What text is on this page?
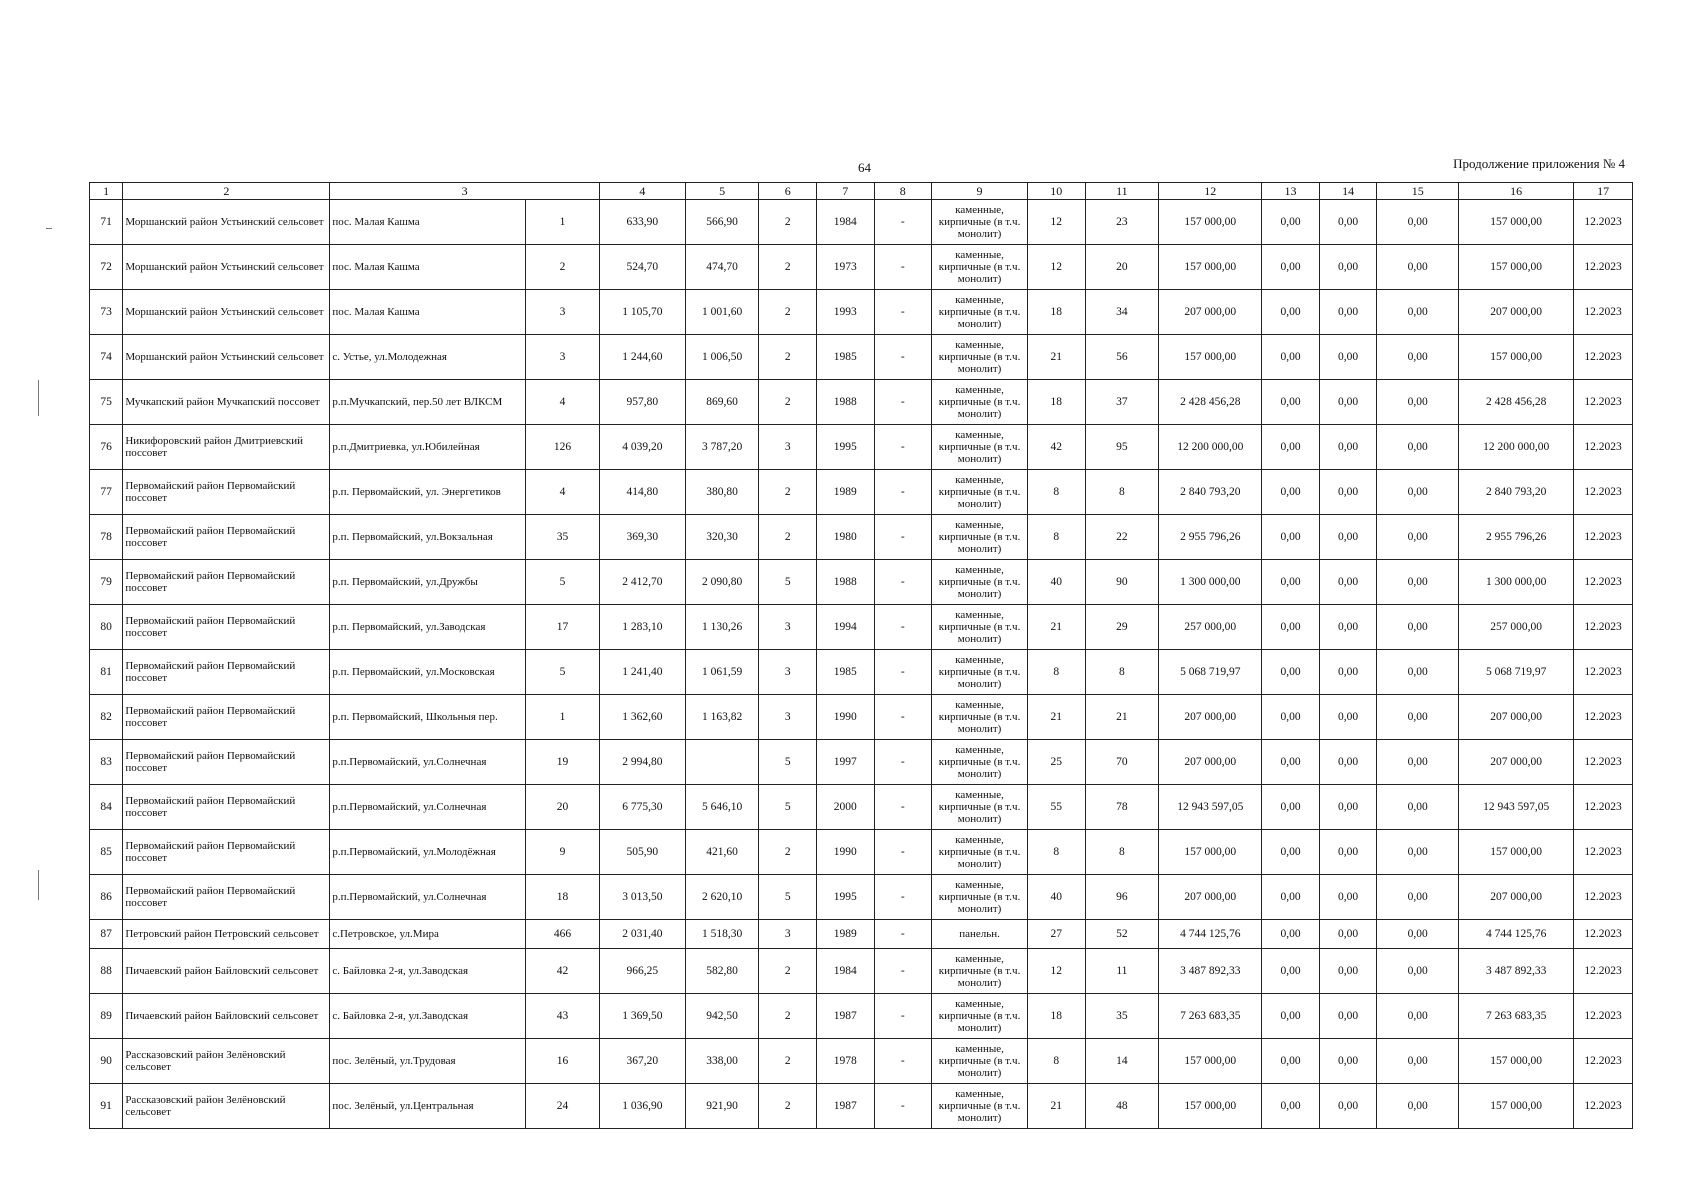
64	Продолжение приложения № 4
1	2	3		4	5	6	7	8	9	10	11	12	13	14	15	16	17
71	Моршанский район Устьинский сельсовет	пос. Малая Кашма	1	633,90	566,90	2	1984	-	каменные, кирпичные (в т.ч. монолит)	12	23	157 000,00	0,00	0,00	0,00	157 000,00	12.2023
72	Моршанский район Устьинский сельсовет	пос. Малая Кашма	2	524,70	474,70	2	1973	-	каменные, кирпичные (в т.ч. монолит)	12	20	157 000,00	0,00	0,00	0,00	157 000,00	12.2023
73	Моршанский район Устьинский сельсовет	пос. Малая Кашма	3	1 105,70	1 001,60	2	1993	-	каменные, кирпичные (в т.ч. монолит)	18	34	207 000,00	0,00	0,00	0,00	207 000,00	12.2023
74	Моршанский район Устьинский сельсовет	с. Устье, ул.Молодежная	3	1 244,60	1 006,50	2	1985	-	каменные, кирпичные (в т.ч. монолит)	21	56	157 000,00	0,00	0,00	0,00	157 000,00	12.2023
75	Мучкапский район Мучкапский поссовет	р.п.Мучкапский, пер.50 лет ВЛКСМ	4	957,80	869,60	2	1988	-	каменные, кирпичные (в т.ч. монолит)	18	37	2 428 456,28	0,00	0,00	0,00	2 428 456,28	12.2023
76	Никифоровский район Дмитриевский поссовет	р.п.Дмитриевка, ул.Юбилейная	126	4 039,20	3 787,20	3	1995	-	каменные, кирпичные (в т.ч. монолит)	42	95	12 200 000,00	0,00	0,00	0,00	12 200 000,00	12.2023
77	Первомайский район Первомайский поссовет	р.п. Первомайский, ул. Энергетиков	4	414,80	380,80	2	1989	-	каменные, кирпичные (в т.ч. монолит)	8	8	2 840 793,20	0,00	0,00	0,00	2 840 793,20	12.2023
78	Первомайский район Первомайский поссовет	р.п. Первомайский, ул.Вокзальная	35	369,30	320,30	2	1980	-	каменные, кирпичные (в т.ч. монолит)	8	22	2 955 796,26	0,00	0,00	0,00	2 955 796,26	12.2023
79	Первомайский район Первомайский поссовет	р.п. Первомайский, ул.Дружбы	5	2 412,70	2 090,80	5	1988	-	каменные, кирпичные (в т.ч. монолит)	40	90	1 300 000,00	0,00	0,00	0,00	1 300 000,00	12.2023
80	Первомайский район Первомайский поссовет	р.п. Первомайский, ул.Заводская	17	1 283,10	1 130,26	3	1994	-	каменные, кирпичные (в т.ч. монолит)	21	29	257 000,00	0,00	0,00	0,00	257 000,00	12.2023
81	Первомайский район Первомайский поссовет	р.п. Первомайский, ул.Московская	5	1 241,40	1 061,59	3	1985	-	каменные, кирпичные (в т.ч. монолит)	8	8	5 068 719,97	0,00	0,00	0,00	5 068 719,97	12.2023
82	Первомайский район Первомайский поссовет	р.п. Первомайский, Школьныя пер.	1	1 362,60	1 163,82	3	1990	-	каменные, кирпичные (в т.ч. монолит)	21	21	207 000,00	0,00	0,00	0,00	207 000,00	12.2023
83	Первомайский район Первомайский поссовет	р.п.Первомайский, ул.Солнечная	19	2 994,80		5	1997	-	каменные, кирпичные (в т.ч. монолит)	25	70	207 000,00	0,00	0,00	0,00	207 000,00	12.2023
84	Первомайский район Первомайский поссовет	р.п.Первомайский, ул.Солнечная	20	6 775,30	5 646,10	5	2000	-	каменные, кирпичные (в т.ч. монолит)	55	78	12 943 597,05	0,00	0,00	0,00	12 943 597,05	12.2023
85	Первомайский район Первомайский поссовет	р.п.Первомайский, ул.Молодёжная	9	505,90	421,60	2	1990	-	каменные, кирпичные (в т.ч. монолит)	8	8	157 000,00	0,00	0,00	0,00	157 000,00	12.2023
86	Первомайский район Первомайский поссовет	р.п.Первомайский, ул.Солнечная	18	3 013,50	2 620,10	5	1995	-	каменные, кирпичные (в т.ч. монолит)	40	96	207 000,00	0,00	0,00	0,00	207 000,00	12.2023
87	Петровский район Петровский сельсовет	с.Петровское, ул.Мира	466	2 031,40	1 518,30	3	1989	-	панельн.	27	52	4 744 125,76	0,00	0,00	0,00	4 744 125,76	12.2023
88	Пичаевский район Байловский сельсовет	с. Байловка 2-я, ул.Заводская	42	966,25	582,80	2	1984	-	каменные, кирпичные (в т.ч. монолит)	12	11	3 487 892,33	0,00	0,00	0,00	3 487 892,33	12.2023
89	Пичаевский район Байловский сельсовет	с. Байловка 2-я, ул.Заводская	43	1 369,50	942,50	2	1987	-	каменные, кирпичные (в т.ч. монолит)	18	35	7 263 683,35	0,00	0,00	0,00	7 263 683,35	12.2023
90	Рассказовский район Зелёновский сельсовет	пос. Зелёный, ул.Трудовая	16	367,20	338,00	2	1978	-	каменные, кирпичные (в т.ч. монолит)	8	14	157 000,00	0,00	0,00	0,00	157 000,00	12.2023
91	Рассказовский район Зелёновский сельсовет	пос. Зелёный, ул.Центральная	24	1 036,90	921,90	2	1987	-	каменные, кирпичные (в т.ч. монолит)	21	48	157 000,00	0,00	0,00	0,00	157 000,00	12.2023
